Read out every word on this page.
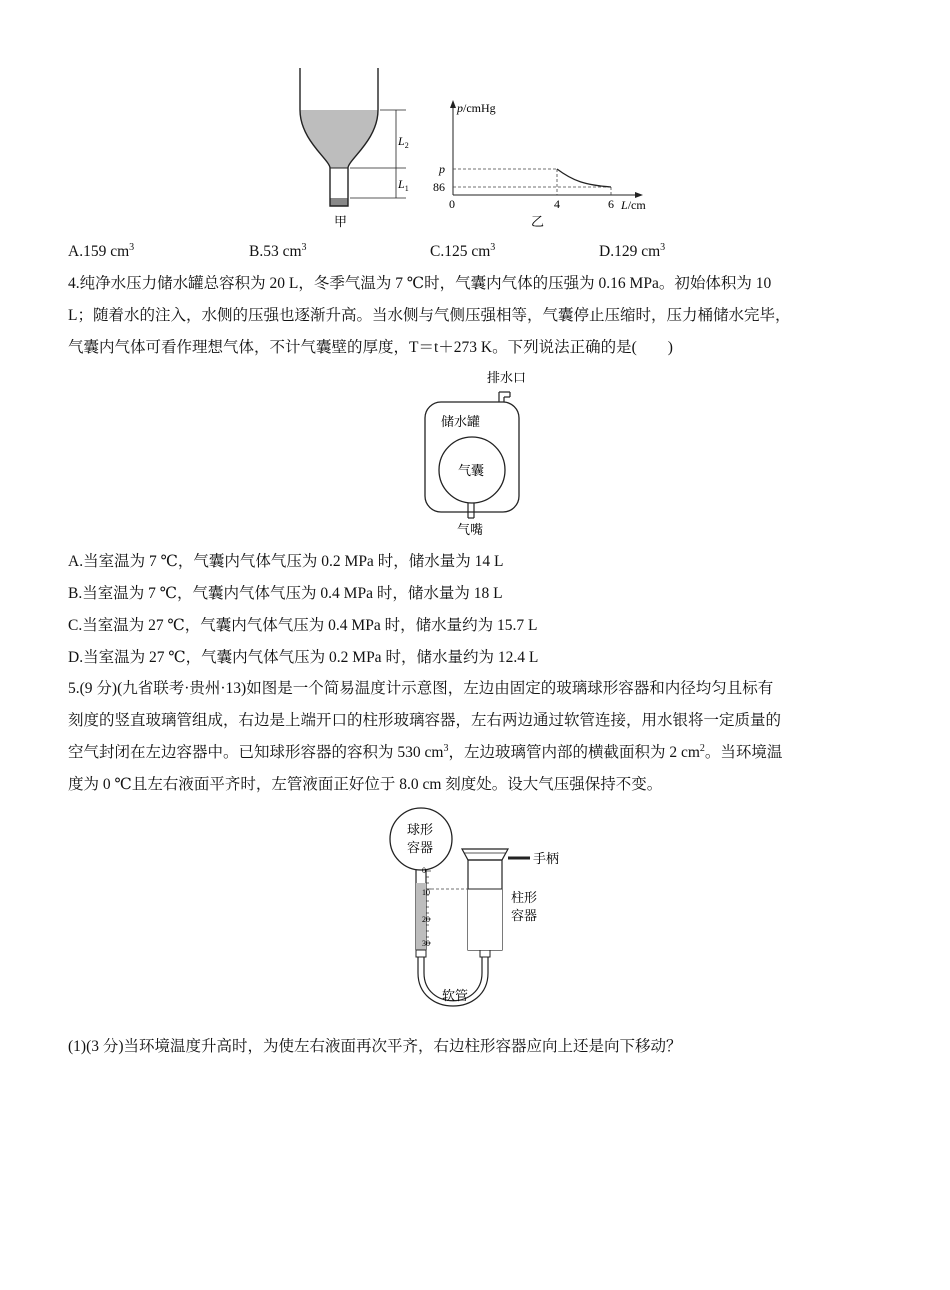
$L_2$
$L_1$
甲
p/cmHg
p/cmHg
p
86
0	4	6 L/cm
乙
A.159 $cm^3$	B.53 $cm^3$	C.125 $cm^3$	D.129 $cm^3$
4.纯净水压力储水罐总容积为 20 L，冬季气温为 7 ℃时，气囊内气体的压强为 0.16 MPa。初始体积为 10
L；随着水的注入，水侧的压强也逐渐升高。当水侧与气侧压强相等，气囊停止压缩时，压力桶储水完毕，
气囊内气体可看作理想气体，不计气囊壁的厚度，T＝t＋273 K。下列说法正确的是(　　)
排水口
储水罐
气囊
气嘴
A.当室温为 7 ℃，气囊内气体气压为 0.2 MPa 时，储水量为 14 L
B.当室温为 7 ℃，气囊内气体气压为 0.4 MPa 时，储水量为 18 L
C.当室温为 27 ℃，气囊内气体气压为 0.4 MPa 时，储水量约为 15.7 L
D.当室温为 27 ℃，气囊内气体气压为 0.2 MPa 时，储水量约为 12.4 L
5.(9 分)(九省联考·贵州·13)如图是一个简易温度计示意图，左边由固定的玻璃球形容器和内径均匀且标有
刻度的竖直玻璃管组成，右边是上端开口的柱形玻璃容器，左右两边通过软管连接，用水银将一定质量的
空气封闭在左边容器中。已知球形容器的容积为 530 $cm^3$，左边玻璃管内部的横截面积为 2 $cm^2$。当环境温
度为 0 ℃且左右液面平齐时，左管液面正好位于 8.0 cm 刻度处。设大气压强保持不变。
球形
容器
0
10
20
30
软管
手柄
柱形
容器
(1)(3 分)当环境温度升高时，为使左右液面再次平齐，右边柱形容器应向上还是向下移动？
